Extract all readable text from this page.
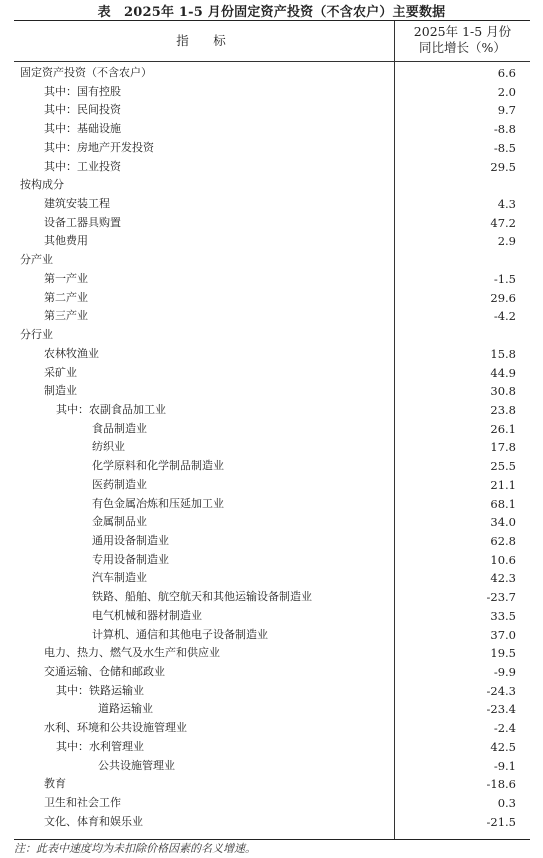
表　2025年 1-5 月份固定资产投资（不含农户）主要数据
指　标
2025年 1-5 月份
同比增长（%）
固定资产投资（不含农户）	6.6
其中：国有控股	2.0
其中：民间投资	9.7
其中：基础设施	-8.8
其中：房地产开发投资	-8.5
其中：工业投资	29.5
按构成分
建筑安装工程	4.3
设备工器具购置	47.2
其他费用	2.9
分产业
第一产业	-1.5
第二产业	29.6
第三产业	-4.2
分行业
农林牧渔业	15.8
采矿业	44.9
制造业	30.8
其中：农副食品加工业	23.8
食品制造业	26.1
纺织业	17.8
化学原料和化学制品制造业	25.5
医药制造业	21.1
有色金属冶炼和压延加工业	68.1
金属制品业	34.0
通用设备制造业	62.8
专用设备制造业	10.6
汽车制造业	42.3
铁路、船舶、航空航天和其他运输设备制造业	-23.7
电气机械和器材制造业	33.5
计算机、通信和其他电子设备制造业	37.0
电力、热力、燃气及水生产和供应业	19.5
交通运输、仓储和邮政业	-9.9
其中：铁路运输业	-24.3
道路运输业	-23.4
水利、环境和公共设施管理业	-2.4
其中：水利管理业	42.5
公共设施管理业	-9.1
教育	-18.6
卫生和社会工作	0.3
文化、体育和娱乐业	-21.5
注：此表中速度均为未扣除价格因素的名义增速。
